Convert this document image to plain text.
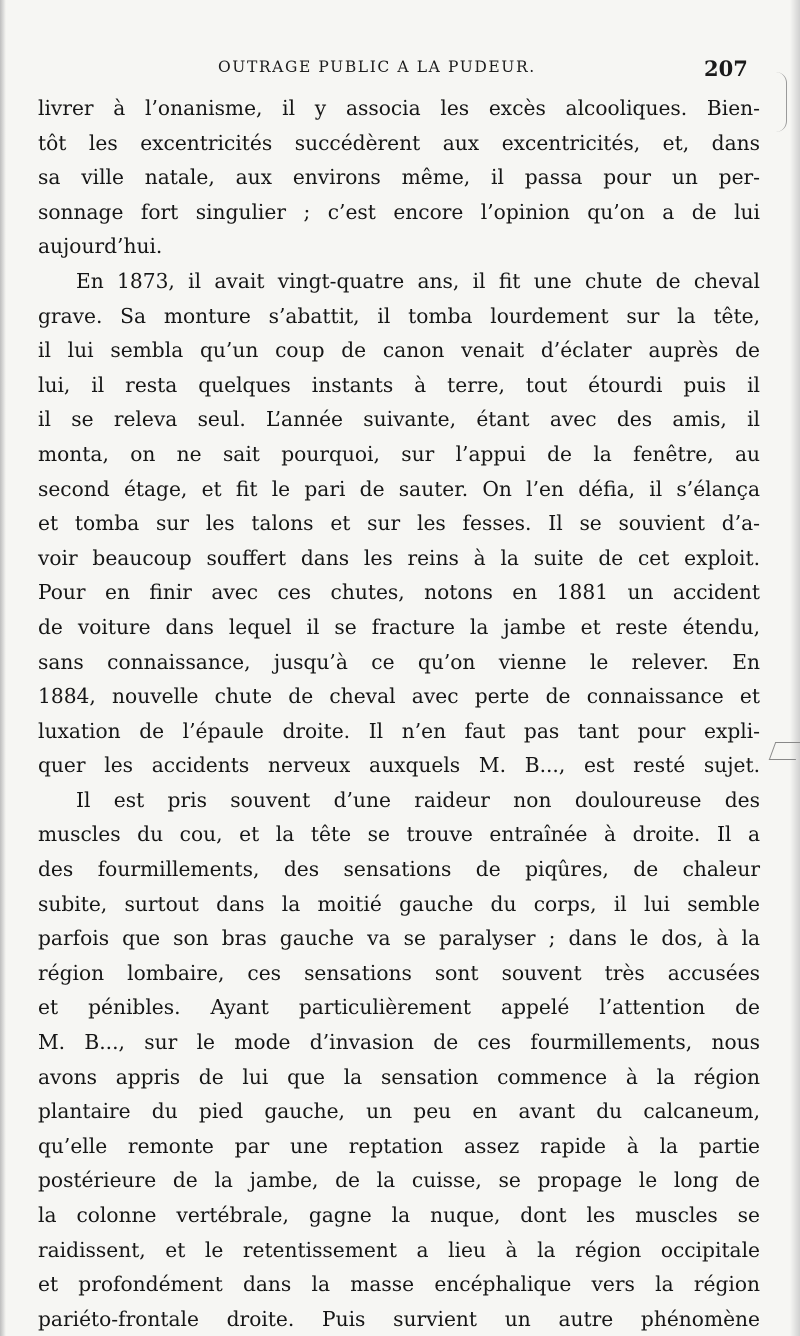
OUTRAGE PUBLIC A LA PUDEUR.	207
livrer à l’onanisme, il y associa les excès alcooliques. Bien-
tôt les excentricités succédèrent aux excentricités, et, dans
sa ville natale, aux environs même, il passa pour un per-
sonnage fort singulier ; c’est encore l’opinion qu’on a de lui
aujourd’hui.
En 1873, il avait vingt-quatre ans, il fit une chute de cheval
grave. Sa monture s’abattit, il tomba lourdement sur la tête,
il lui sembla qu’un coup de canon venait d’éclater auprès de
lui, il resta quelques instants à terre, tout étourdi puis il
il se releva seul. L’année suivante, étant avec des amis, il
monta, on ne sait pourquoi, sur l’appui de la fenêtre, au
second étage, et fit le pari de sauter. On l’en défia, il s’élança
et tomba sur les talons et sur les fesses. Il se souvient d’a-
voir beaucoup souffert dans les reins à la suite de cet exploit.
Pour en finir avec ces chutes, notons en 1881 un accident
de voiture dans lequel il se fracture la jambe et reste étendu,
sans connaissance, jusqu’à ce qu’on vienne le relever. En
1884, nouvelle chute de cheval avec perte de connaissance et
luxation de l’épaule droite. Il n’en faut pas tant pour expli-
quer les accidents nerveux auxquels M. B..., est resté sujet.
Il est pris souvent d’une raideur non douloureuse des
muscles du cou, et la tête se trouve entraînée à droite. Il a
des fourmillements, des sensations de piqûres, de chaleur
subite, surtout dans la moitié gauche du corps, il lui semble
parfois que son bras gauche va se paralyser ; dans le dos, à la
région lombaire, ces sensations sont souvent très accusées
et pénibles. Ayant particulièrement appelé l’attention de
M. B..., sur le mode d’invasion de ces fourmillements, nous
avons appris de lui que la sensation commence à la région
plantaire du pied gauche, un peu en avant du calcaneum,
qu’elle remonte par une reptation assez rapide à la partie
postérieure de la jambe, de la cuisse, se propage le long de
la colonne vertébrale, gagne la nuque, dont les muscles se
raidissent, et le retentissement a lieu à la région occipitale
et profondément dans la masse encéphalique vers la région
pariéto-frontale droite. Puis survient un autre phénomène
